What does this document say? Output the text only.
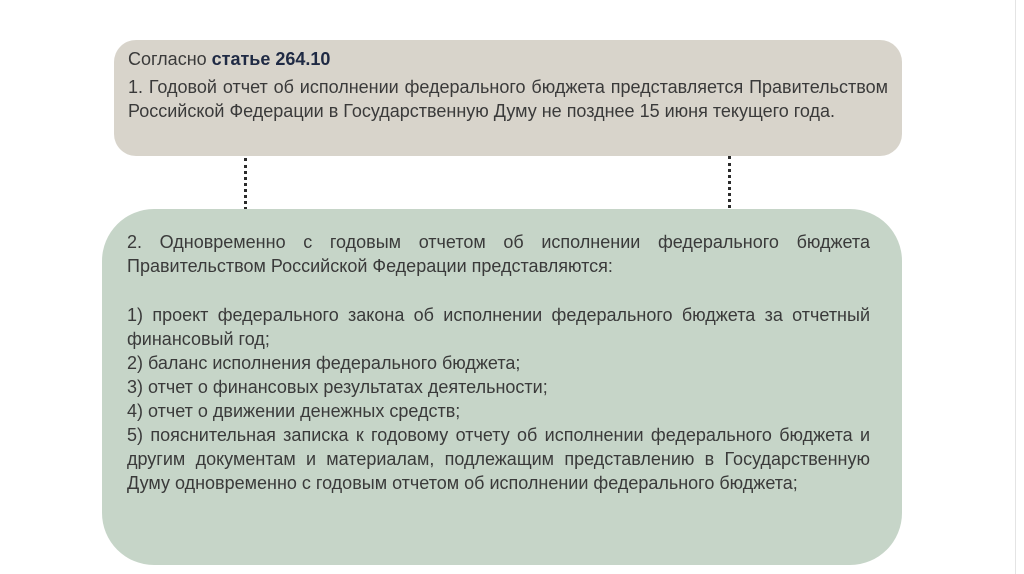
Согласно статье 264.10
1. Годовой отчет об исполнении федерального бюджета представляется Правительством Российской Федерации в Государственную Думу не позднее 15 июня текущего года.

2. Одновременно с годовым отчетом об исполнении федерального бюджета Правительством Российской Федерации представляются:

1) проект федерального закона об исполнении федерального бюджета за отчетный финансовый год;

2) баланс исполнения федерального бюджета;

3) отчет о финансовых результатах деятельности;

4) отчет о движении денежных средств;

5) пояснительная записка к годовому отчету об исполнении федерального бюджета и другим документам и материалам, подлежащим представлению в Государственную Думу одновременно с годовым отчетом об исполнении федерального бюджета;
